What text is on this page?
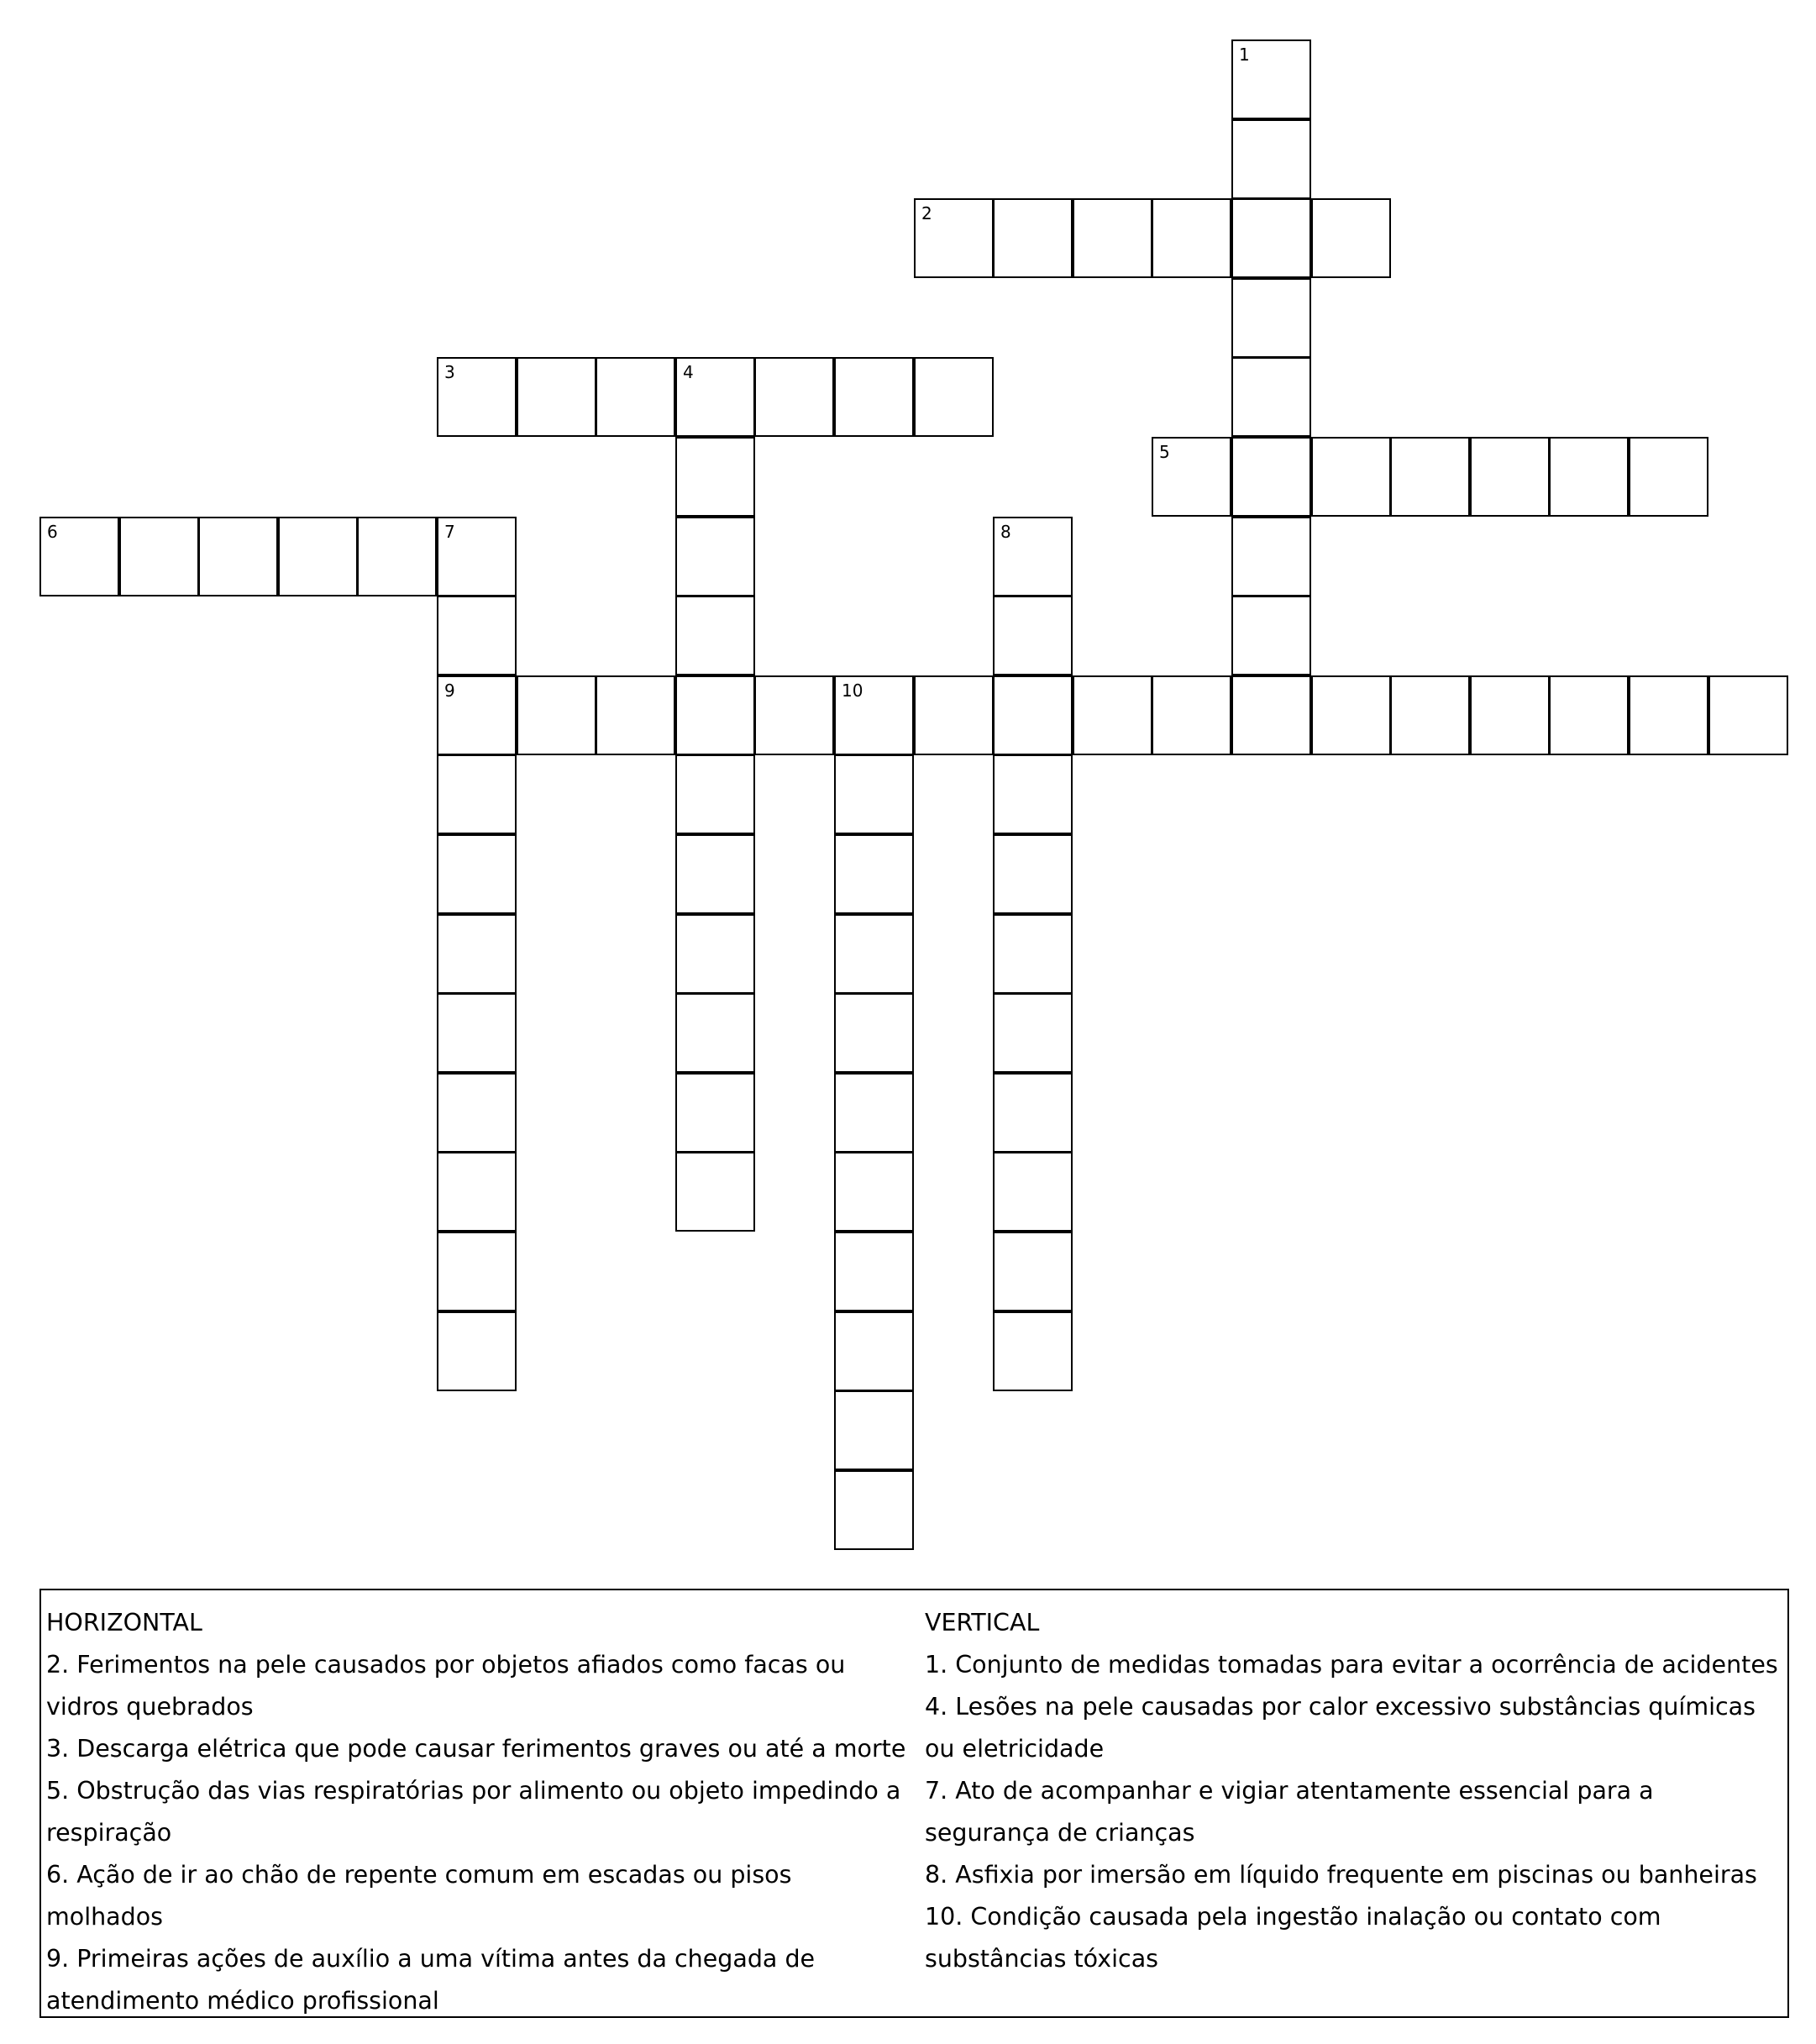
1
2
3	4
5
6	7
9
8
10
HORIZONTAL
2. Ferimentos na pele causados por objetos afiados como facas ou vidros quebrados
3. Descarga elétrica que pode causar ferimentos graves ou até a morte
5. Obstrução das vias respiratórias por alimento ou objeto impedindo a respiração
6. Ação de ir ao chão de repente comum em escadas ou pisos molhados
9. Primeiras ações de auxílio a uma vítima antes da chegada de atendimento médico profissional
VERTICAL
1. Conjunto de medidas tomadas para evitar a ocorrência de acidentes
4. Lesões na pele causadas por calor excessivo substâncias químicas ou eletricidade
7. Ato de acompanhar e vigiar atentamente essencial para a segurança de crianças
8. Asfixia por imersão em líquido frequente em piscinas ou banheiras
10. Condição causada pela ingestão inalação ou contato com substâncias tóxicas
